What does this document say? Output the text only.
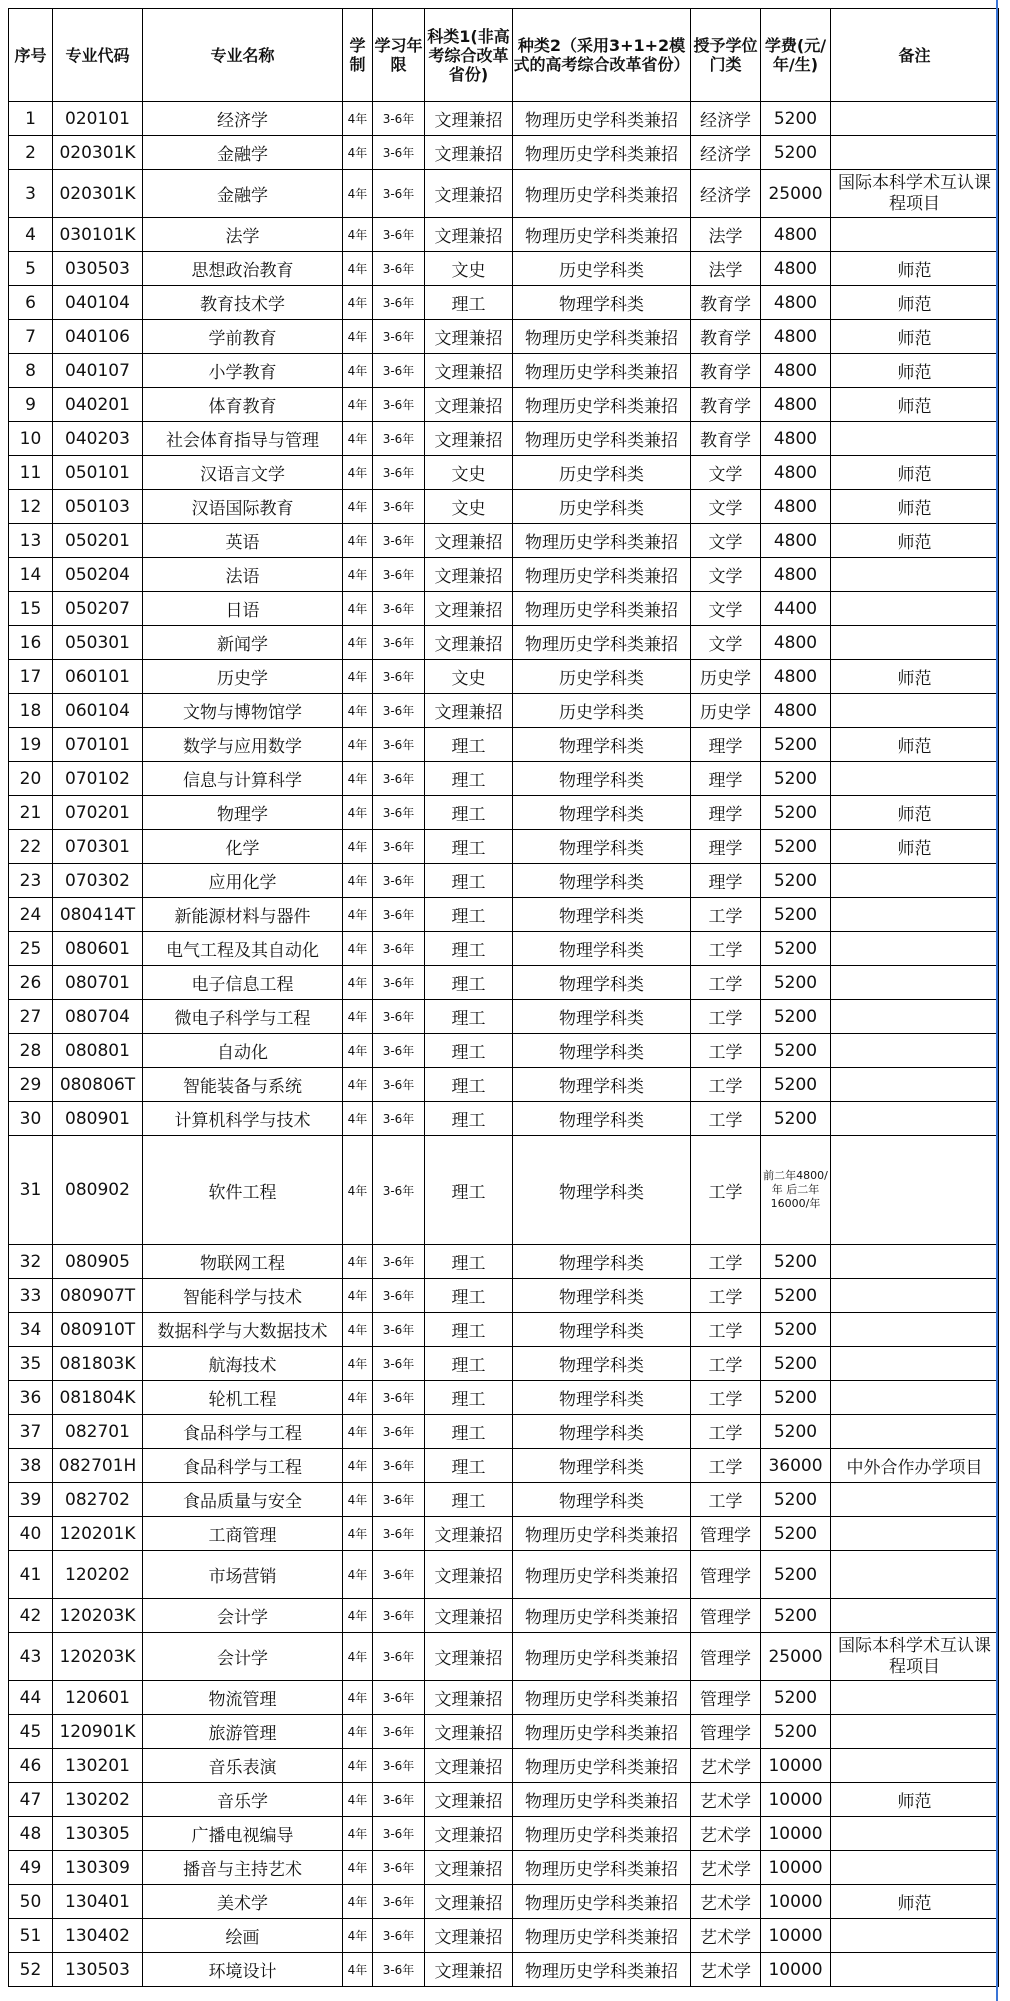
序号	专业代码	专业名称	学制	学习年限	科类1(非高考综合改革省份)	种类2（采用3+1+2模式的高考综合改革省份）	授予学位门类	学费(元/年/生)	备注
1	020101	经济学	4年	3-6年	文理兼招	物理历史学科类兼招	经济学	5200	
2	020301K	金融学	4年	3-6年	文理兼招	物理历史学科类兼招	经济学	5200	
3	020301K	金融学	4年	3-6年	文理兼招	物理历史学科类兼招	经济学	25000	国际本科学术互认课程项目
4	030101K	法学	4年	3-6年	文理兼招	物理历史学科类兼招	法学	4800	
5	030503	思想政治教育	4年	3-6年	文史	历史学科类	法学	4800	师范
6	040104	教育技术学	4年	3-6年	理工	物理学科类	教育学	4800	师范
7	040106	学前教育	4年	3-6年	文理兼招	物理历史学科类兼招	教育学	4800	师范
8	040107	小学教育	4年	3-6年	文理兼招	物理历史学科类兼招	教育学	4800	师范
9	040201	体育教育	4年	3-6年	文理兼招	物理历史学科类兼招	教育学	4800	师范
10	040203	社会体育指导与管理	4年	3-6年	文理兼招	物理历史学科类兼招	教育学	4800	
11	050101	汉语言文学	4年	3-6年	文史	历史学科类	文学	4800	师范
12	050103	汉语国际教育	4年	3-6年	文史	历史学科类	文学	4800	师范
13	050201	英语	4年	3-6年	文理兼招	物理历史学科类兼招	文学	4800	师范
14	050204	法语	4年	3-6年	文理兼招	物理历史学科类兼招	文学	4800	
15	050207	日语	4年	3-6年	文理兼招	物理历史学科类兼招	文学	4400	
16	050301	新闻学	4年	3-6年	文理兼招	物理历史学科类兼招	文学	4800	
17	060101	历史学	4年	3-6年	文史	历史学科类	历史学	4800	师范
18	060104	文物与博物馆学	4年	3-6年	文理兼招	历史学科类	历史学	4800	
19	070101	数学与应用数学	4年	3-6年	理工	物理学科类	理学	5200	师范
20	070102	信息与计算科学	4年	3-6年	理工	物理学科类	理学	5200	
21	070201	物理学	4年	3-6年	理工	物理学科类	理学	5200	师范
22	070301	化学	4年	3-6年	理工	物理学科类	理学	5200	师范
23	070302	应用化学	4年	3-6年	理工	物理学科类	理学	5200	
24	080414T	新能源材料与器件	4年	3-6年	理工	物理学科类	工学	5200	
25	080601	电气工程及其自动化	4年	3-6年	理工	物理学科类	工学	5200	
26	080701	电子信息工程	4年	3-6年	理工	物理学科类	工学	5200	
27	080704	微电子科学与工程	4年	3-6年	理工	物理学科类	工学	5200	
28	080801	自动化	4年	3-6年	理工	物理学科类	工学	5200	
29	080806T	智能装备与系统	4年	3-6年	理工	物理学科类	工学	5200	
30	080901	计算机科学与技术	4年	3-6年	理工	物理学科类	工学	5200	
31	080902	软件工程	4年	3-6年	理工	物理学科类	工学	前二年4800/年 后二年16000/年	
32	080905	物联网工程	4年	3-6年	理工	物理学科类	工学	5200	
33	080907T	智能科学与技术	4年	3-6年	理工	物理学科类	工学	5200	
34	080910T	数据科学与大数据技术	4年	3-6年	理工	物理学科类	工学	5200	
35	081803K	航海技术	4年	3-6年	理工	物理学科类	工学	5200	
36	081804K	轮机工程	4年	3-6年	理工	物理学科类	工学	5200	
37	082701	食品科学与工程	4年	3-6年	理工	物理学科类	工学	5200	
38	082701H	食品科学与工程	4年	3-6年	理工	物理学科类	工学	36000	中外合作办学项目
39	082702	食品质量与安全	4年	3-6年	理工	物理学科类	工学	5200	
40	120201K	工商管理	4年	3-6年	文理兼招	物理历史学科类兼招	管理学	5200	
41	120202	市场营销	4年	3-6年	文理兼招	物理历史学科类兼招	管理学	5200	
42	120203K	会计学	4年	3-6年	文理兼招	物理历史学科类兼招	管理学	5200	
43	120203K	会计学	4年	3-6年	文理兼招	物理历史学科类兼招	管理学	25000	国际本科学术互认课程项目
44	120601	物流管理	4年	3-6年	文理兼招	物理历史学科类兼招	管理学	5200	
45	120901K	旅游管理	4年	3-6年	文理兼招	物理历史学科类兼招	管理学	5200	
46	130201	音乐表演	4年	3-6年	文理兼招	物理历史学科类兼招	艺术学	10000	
47	130202	音乐学	4年	3-6年	文理兼招	物理历史学科类兼招	艺术学	10000	师范
48	130305	广播电视编导	4年	3-6年	文理兼招	物理历史学科类兼招	艺术学	10000	
49	130309	播音与主持艺术	4年	3-6年	文理兼招	物理历史学科类兼招	艺术学	10000	
50	130401	美术学	4年	3-6年	文理兼招	物理历史学科类兼招	艺术学	10000	师范
51	130402	绘画	4年	3-6年	文理兼招	物理历史学科类兼招	艺术学	10000	
52	130503	环境设计	4年	3-6年	文理兼招	物理历史学科类兼招	艺术学	10000	
